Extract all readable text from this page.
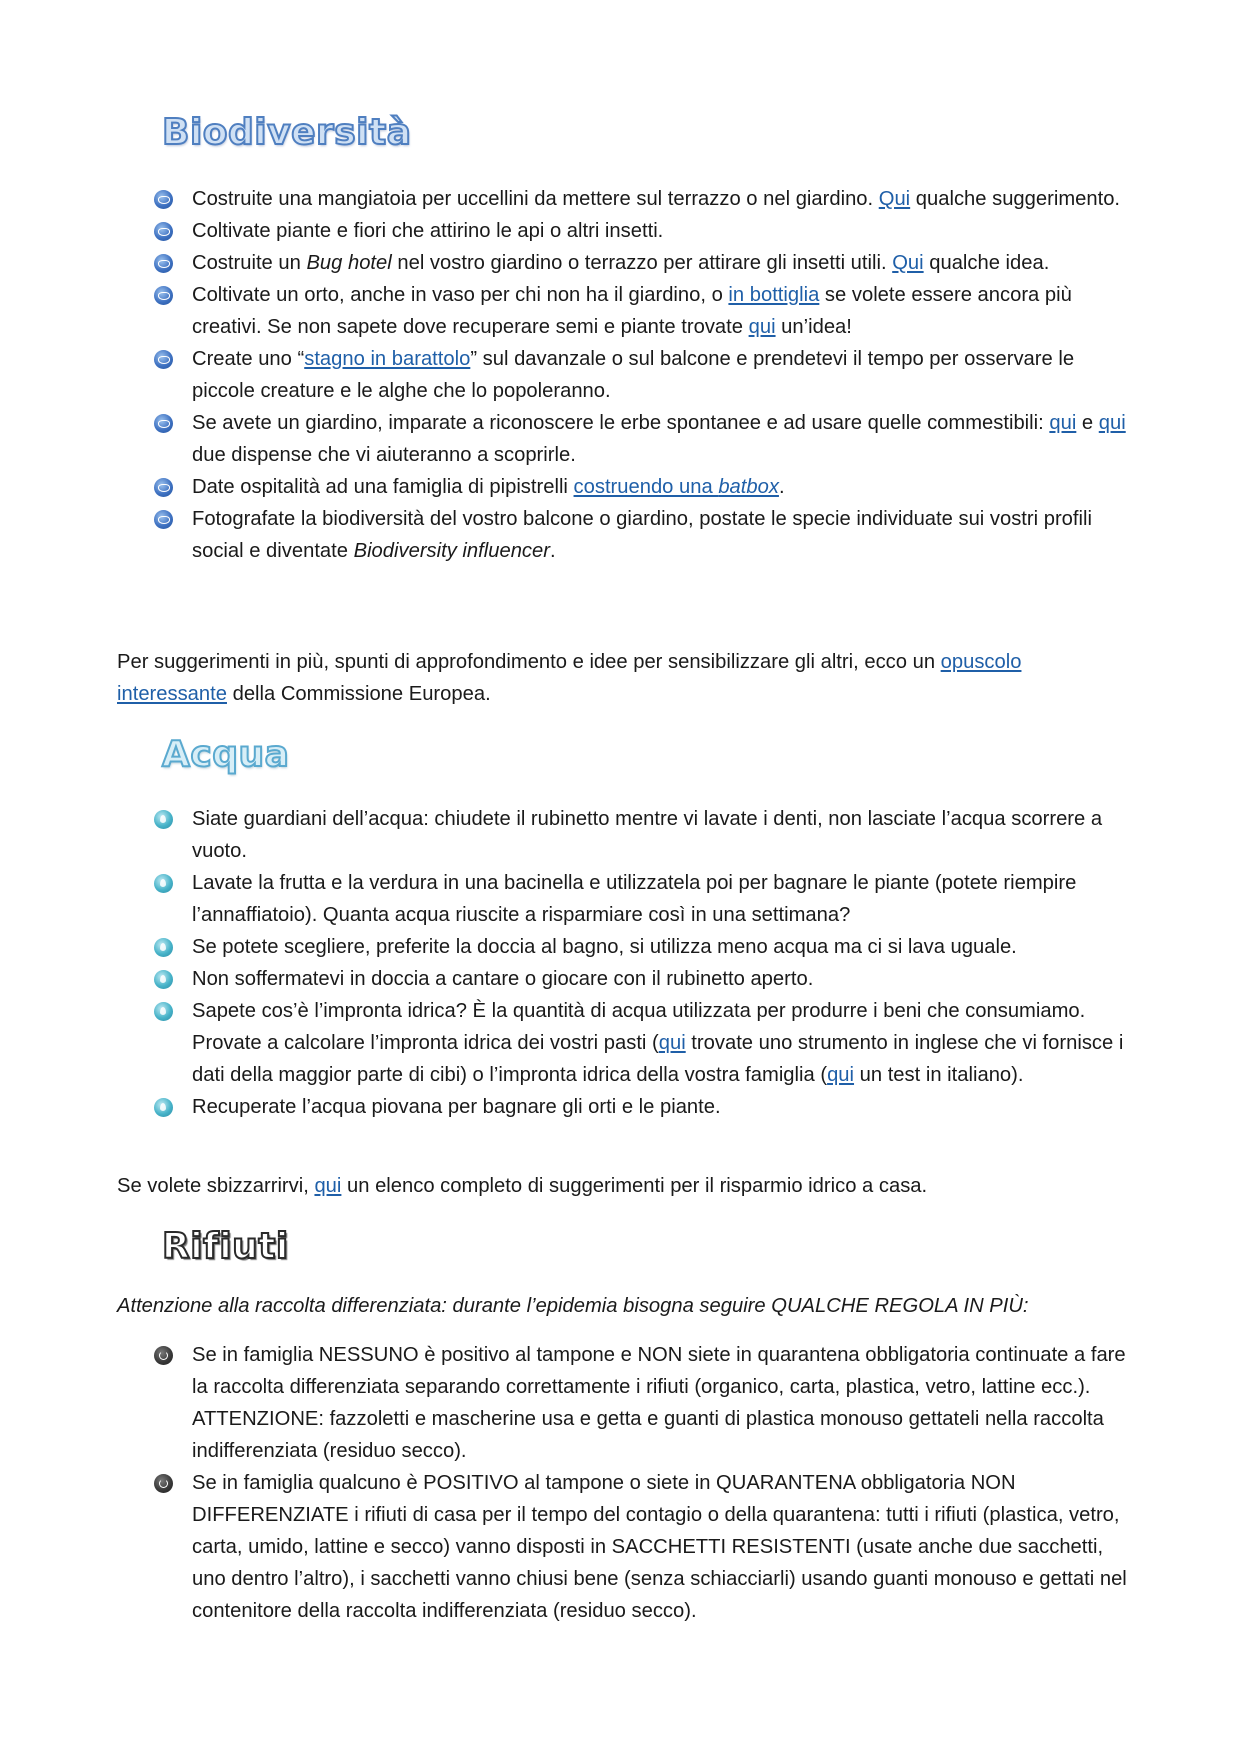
Biodiversità
Costruite una mangiatoia per uccellini da mettere sul terrazzo o nel giardino. Qui qualche suggerimento.
Coltivate piante e fiori che attirino le api o altri insetti.
Costruite un Bug hotel nel vostro giardino o terrazzo per attirare gli insetti utili. Qui qualche idea.
Coltivate un orto, anche in vaso per chi non ha il giardino, o in bottiglia se volete essere ancora più creativi. Se non sapete dove recuperare semi e piante trovate qui un’idea!
Create uno “stagno in barattolo” sul davanzale o sul balcone e prendetevi il tempo per osservare le piccole creature e le alghe che lo popoleranno.
Se avete un giardino, imparate a riconoscere le erbe spontanee e ad usare quelle commestibili: qui e qui due dispense che vi aiuteranno a scoprirle.
Date ospitalità ad una famiglia di pipistrelli costruendo una batbox.
Fotografate la biodiversità del vostro balcone o giardino, postate le specie individuate sui vostri profili social e diventate Biodiversity influencer.

Per suggerimenti in più, spunti di approfondimento e idee per sensibilizzare gli altri, ecco un opuscolo interessante della Commissione Europea.

Acqua
Siate guardiani dell’acqua: chiudete il rubinetto mentre vi lavate i denti, non lasciate l’acqua scorrere a vuoto.
Lavate la frutta e la verdura in una bacinella e utilizzatela poi per bagnare le piante (potete riempire l’annaffiatoio). Quanta acqua riuscite a risparmiare così in una settimana?
Se potete scegliere, preferite la doccia al bagno, si utilizza meno acqua ma ci si lava uguale.
Non soffermatevi in doccia a cantare o giocare con il rubinetto aperto.
Sapete cos’è l’impronta idrica? È la quantità di acqua utilizzata per produrre i beni che consumiamo. Provate a calcolare l’impronta idrica dei vostri pasti (qui trovate uno strumento in inglese che vi fornisce i dati della maggior parte di cibi) o l’impronta idrica della vostra famiglia (qui un test in italiano).
Recuperate l’acqua piovana per bagnare gli orti e le piante.

Se volete sbizzarrirvi, qui un elenco completo di suggerimenti per il risparmio idrico a casa.

Rifiuti

Attenzione alla raccolta differenziata: durante l’epidemia bisogna seguire QUALCHE REGOLA IN PIÙ:

Se in famiglia NESSUNO è positivo al tampone e NON siete in quarantena obbligatoria continuate a fare la raccolta differenziata separando correttamente i rifiuti (organico, carta, plastica, vetro, lattine ecc.). ATTENZIONE: fazzoletti e mascherine usa e getta e guanti di plastica monouso gettateli nella raccolta indifferenziata (residuo secco).
Se in famiglia qualcuno è POSITIVO al tampone o siete in QUARANTENA obbligatoria NON DIFFERENZIATE i rifiuti di casa per il tempo del contagio o della quarantena: tutti i rifiuti (plastica, vetro, carta, umido, lattine e secco) vanno disposti in SACCHETTI RESISTENTI (usate anche due sacchetti, uno dentro l’altro), i sacchetti vanno chiusi bene (senza schiacciarli) usando guanti monouso e gettati nel contenitore della raccolta indifferenziata (residuo secco).
